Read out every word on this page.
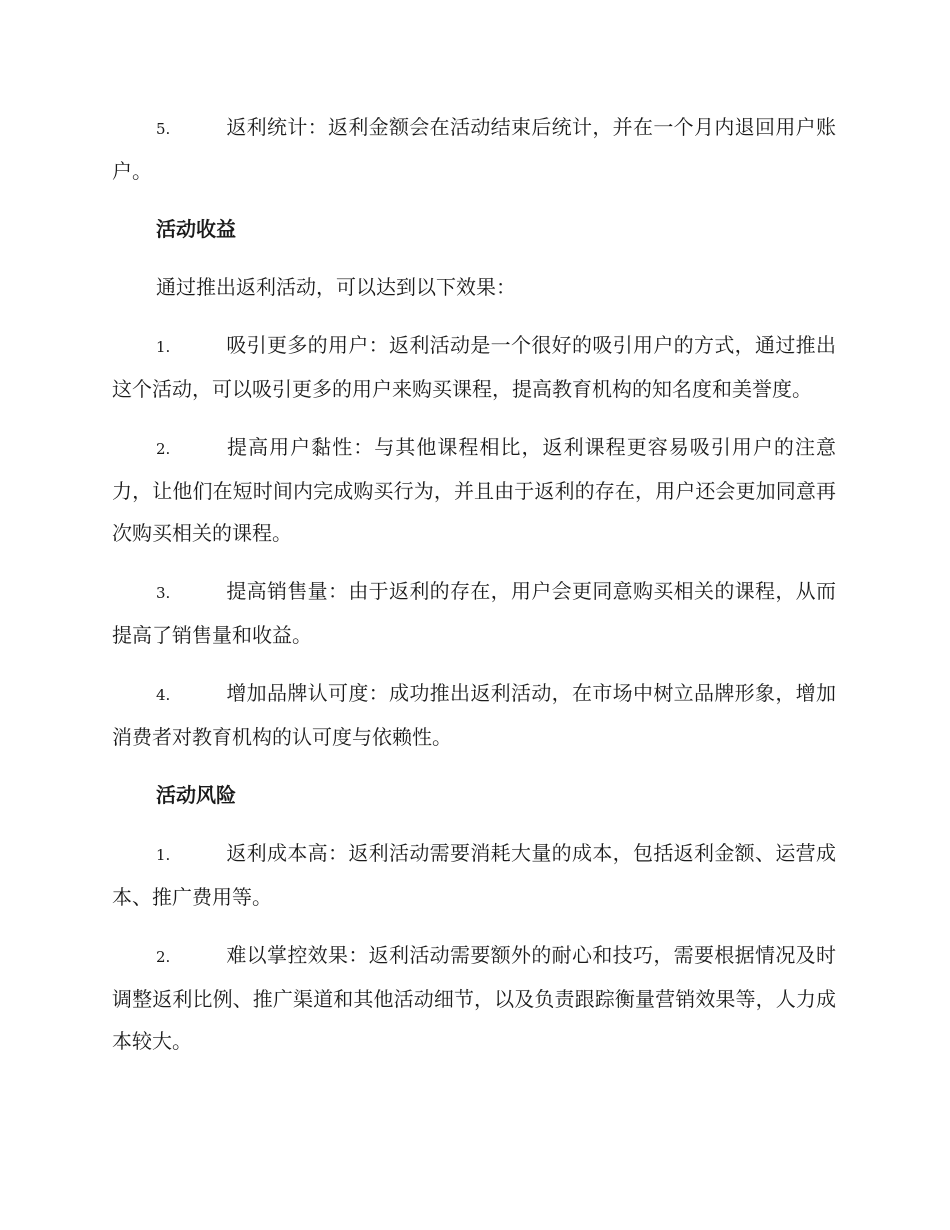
5.	返利统计：返利金额会在活动结束后统计，并在一个月内退回用户账户。

活动收益

通过推出返利活动，可以达到以下效果：

1.	吸引更多的用户：返利活动是一个很好的吸引用户的方式，通过推出这个活动，可以吸引更多的用户来购买课程，提高教育机构的知名度和美誉度。

2.	提高用户黏性：与其他课程相比，返利课程更容易吸引用户的注意力，让他们在短时间内完成购买行为，并且由于返利的存在，用户还会更加同意再次购买相关的课程。

3.	提高销售量：由于返利的存在，用户会更同意购买相关的课程，从而提高了销售量和收益。

4.	增加品牌认可度：成功推出返利活动，在市场中树立品牌形象，增加消费者对教育机构的认可度与依赖性。

活动风险

1.	返利成本高：返利活动需要消耗大量的成本，包括返利金额、运营成本、推广费用等。

2.	难以掌控效果：返利活动需要额外的耐心和技巧，需要根据情况及时调整返利比例、推广渠道和其他活动细节，以及负责跟踪衡量营销效果等，人力成本较大。
